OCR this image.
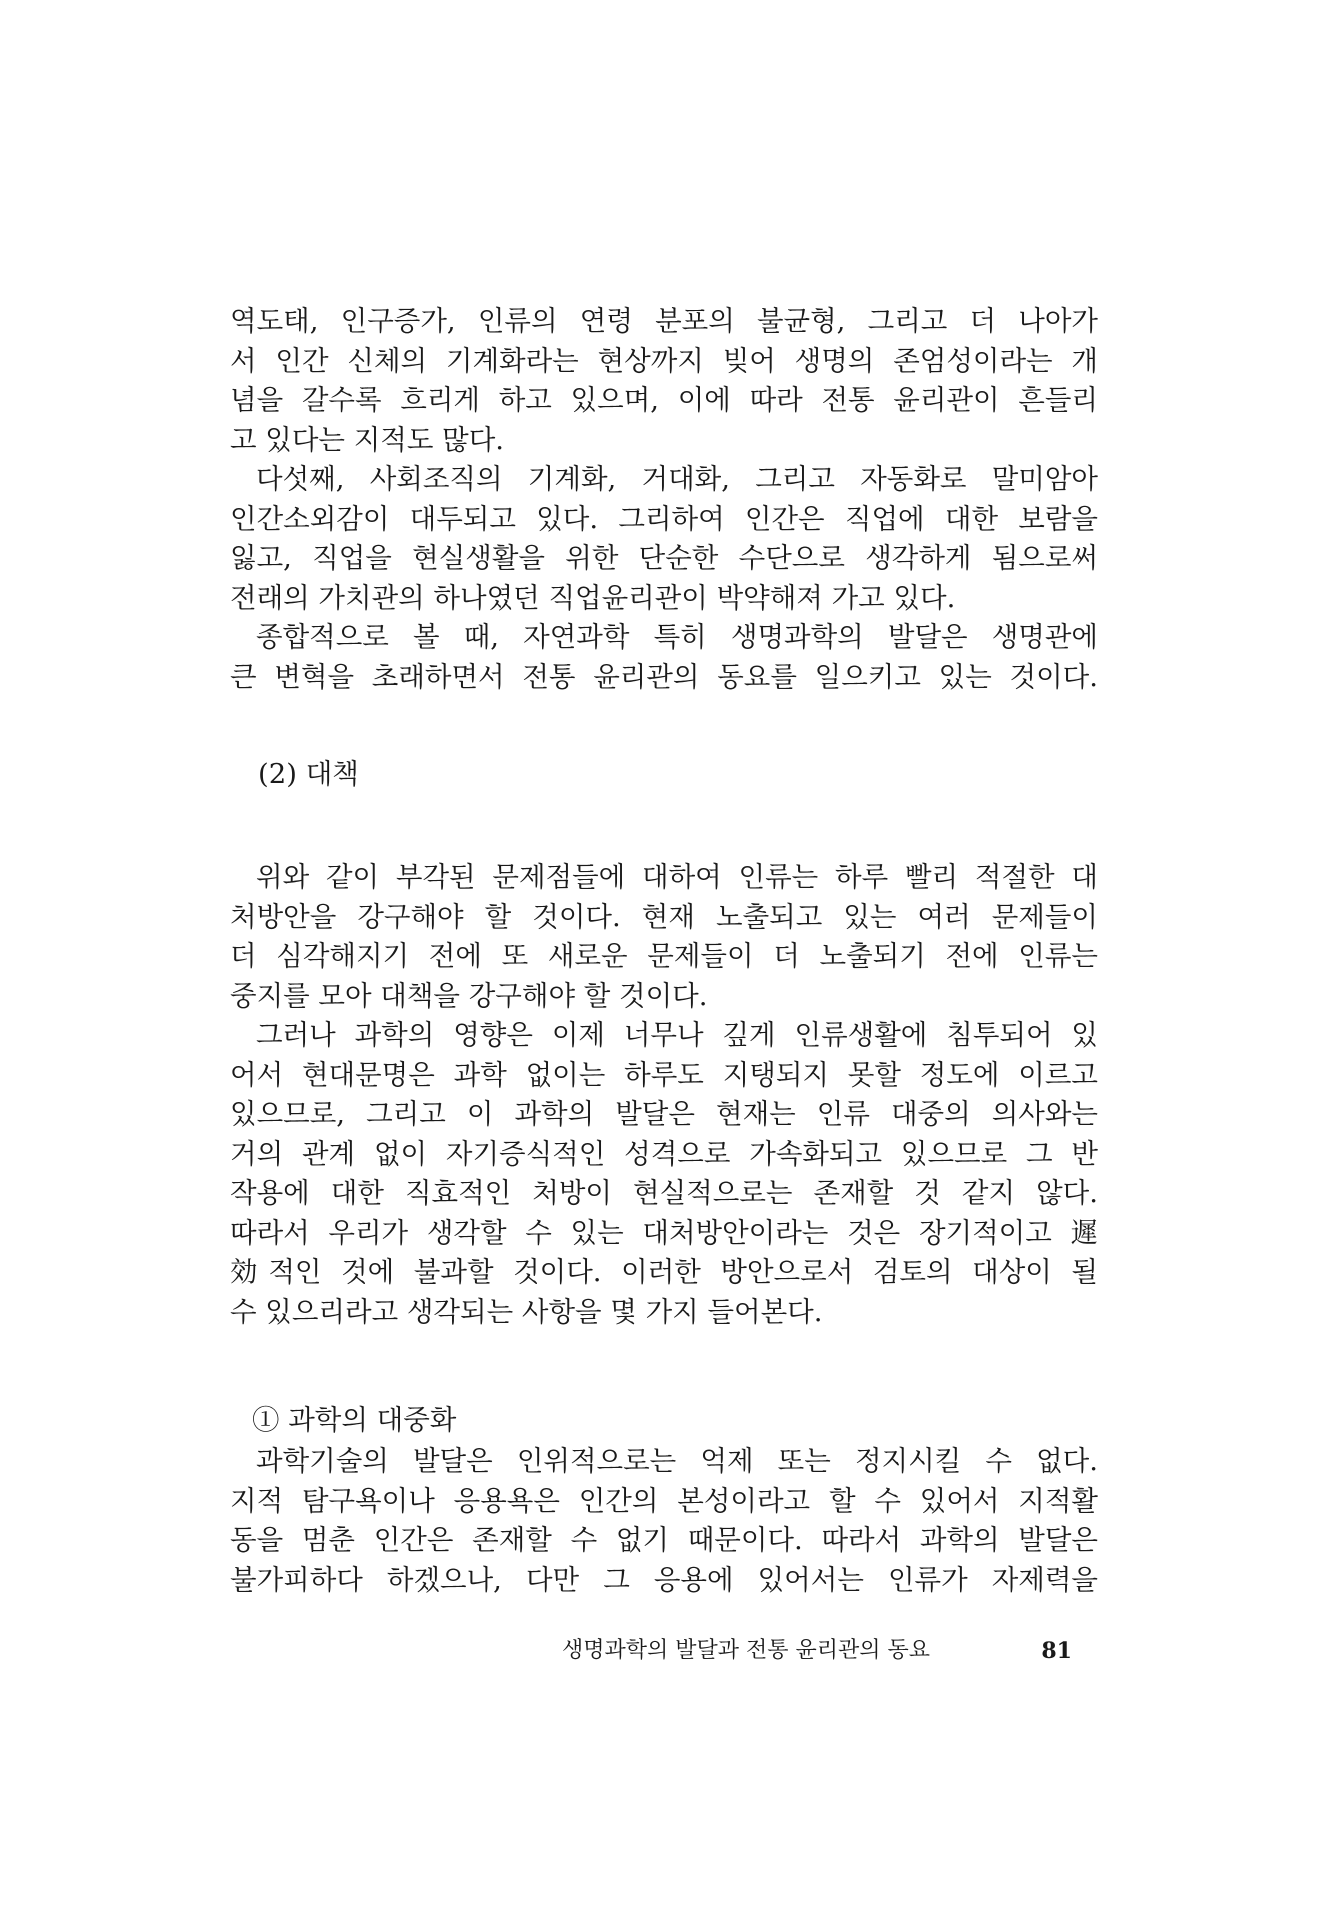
역도태, 인구증가, 인류의 연령 분포의 불균형, 그리고 더 나아가
서 인간 신체의 기계화라는 현상까지 빚어 생명의 존엄성이라는 개
념을 갈수록 흐리게 하고 있으며, 이에 따라 전통 윤리관이 흔들리
고 있다는 지적도 많다.
다섯째, 사회조직의 기계화, 거대화, 그리고 자동화로 말미암아
인간소외감이 대두되고 있다. 그리하여 인간은 직업에 대한 보람을
잃고, 직업을 현실생활을 위한 단순한 수단으로 생각하게 됨으로써
전래의 가치관의 하나였던 직업윤리관이 박약해져 가고 있다.
종합적으로 볼 때, 자연과학 특히 생명과학의 발달은 생명관에
큰 변혁을 초래하면서 전통 윤리관의 동요를 일으키고 있는 것이다.
(2) 대책
위와 같이 부각된 문제점들에 대하여 인류는 하루 빨리 적절한 대
처방안을 강구해야 할 것이다. 현재 노출되고 있는 여러 문제들이
더 심각해지기 전에 또 새로운 문제들이 더 노출되기 전에 인류는
중지를 모아 대책을 강구해야 할 것이다.
그러나 과학의 영향은 이제 너무나 깊게 인류생활에 침투되어 있
어서 현대문명은 과학 없이는 하루도 지탱되지 못할 정도에 이르고
있으므로, 그리고 이 과학의 발달은 현재는 인류 대중의 의사와는
거의 관계 없이 자기증식적인 성격으로 가속화되고 있으므로 그 반
작용에 대한 직효적인 처방이 현실적으로는 존재할 것 같지 않다.
따라서 우리가 생각할 수 있는 대처방안이라는 것은 장기적이고 遲
効적인 것에 불과할 것이다. 이러한 방안으로서 검토의 대상이 될
수 있으리라고 생각되는 사항을 몇 가지 들어본다.
① 과학의 대중화
과학기술의 발달은 인위적으로는 억제 또는 정지시킬 수 없다.
지적 탐구욕이나 응용욕은 인간의 본성이라고 할 수 있어서 지적활
동을 멈춘 인간은 존재할 수 없기 때문이다. 따라서 과학의 발달은
불가피하다 하겠으나, 다만 그 응용에 있어서는 인류가 자제력을
생명과학의 발달과 전통 윤리관의 동요	81
